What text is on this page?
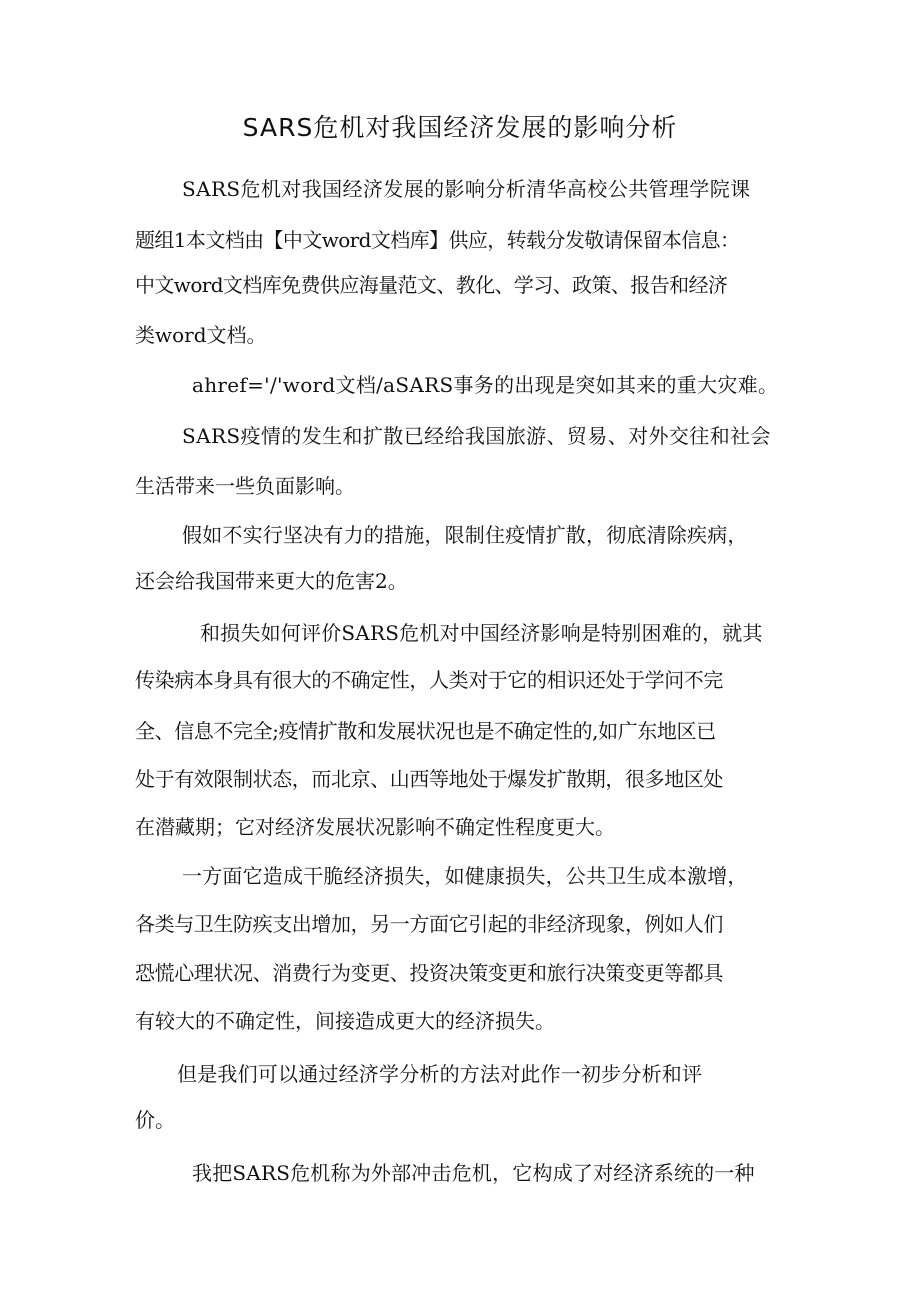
SARS危机对我国经济发展的影响分析
SARS危机对我国经济发展的影响分析清华高校公共管理学院课
题组1本文档由【中文word文档库】供应，转载分发敬请保留本信息：
中文word文档库免费供应海量范文、教化、学习、政策、报告和经济
类word文档。
ahref='/'word文档/aSARS事务的出现是突如其来的重大灾难。
SARS疫情的发生和扩散已经给我国旅游、贸易、对外交往和社会
生活带来一些负面影响。
假如不实行坚决有力的措施，限制住疫情扩散，彻底清除疾病，
还会给我国带来更大的危害2。
和损失如何评价SARS危机对中国经济影响是特别困难的，就其
传染病本身具有很大的不确定性，人类对于它的相识还处于学问不完
全、信息不完全;疫情扩散和发展状况也是不确定性的,如广东地区已
处于有效限制状态，而北京、山西等地处于爆发扩散期，很多地区处
在潜藏期；它对经济发展状况影响不确定性程度更大。
一方面它造成干脆经济损失，如健康损失，公共卫生成本激增，
各类与卫生防疾支出增加，另一方面它引起的非经济现象，例如人们
恐慌心理状况、消费行为变更、投资决策变更和旅行决策变更等都具
有较大的不确定性，间接造成更大的经济损失。
但是我们可以通过经济学分析的方法对此作一初步分析和评
价。
我把SARS危机称为外部冲击危机，它构成了对经济系统的一种
